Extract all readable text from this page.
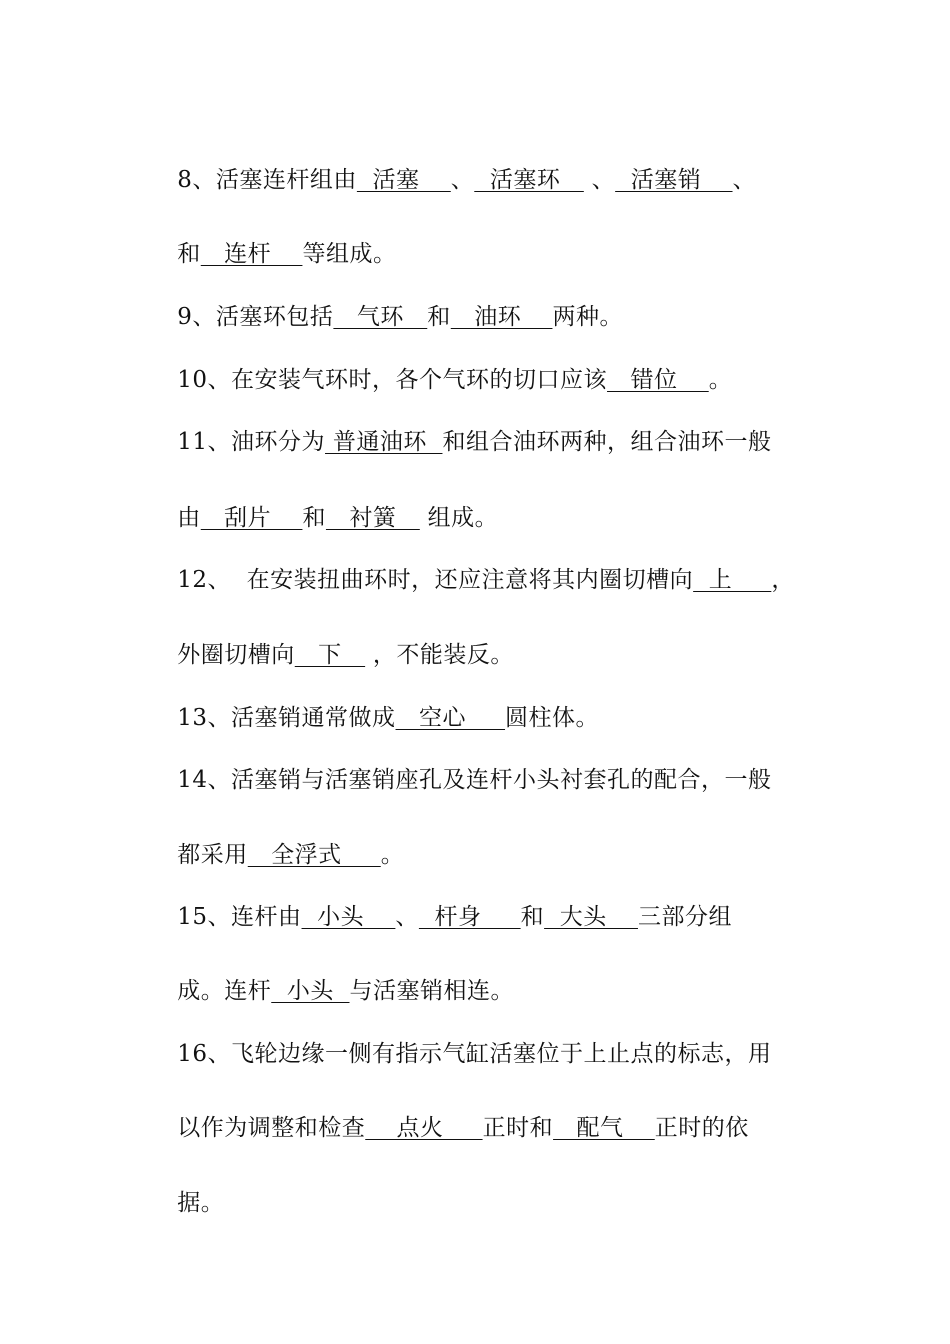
8、活塞连杆组由  活塞    、  活塞环    、  活塞销    、

和   连杆    等组成。

9、活塞环包括   气环   和   油环    两种。

10、在安装气环时，各个气环的切口应该   错位    。

11、油环分为 普通油环  和组合油环两种，组合油环一般

由   刮片    和   衬簧    组成。

12、  在安装扭曲环时，还应注意将其内圈切槽向  上     ，

外圈切槽向   下    ，不能装反。

13、活塞销通常做成   空心     圆柱体。

14、活塞销与活塞销座孔及连杆小头衬套孔的配合，一般

都采用   全浮式     。

15、连杆由  小头    、  杆身     和  大头    三部分组

成。连杆  小头  与活塞销相连。

16、飞轮边缘一侧有指示气缸活塞位于上止点的标志，用

以作为调整和检查    点火     正时和   配气    正时的依

据。
